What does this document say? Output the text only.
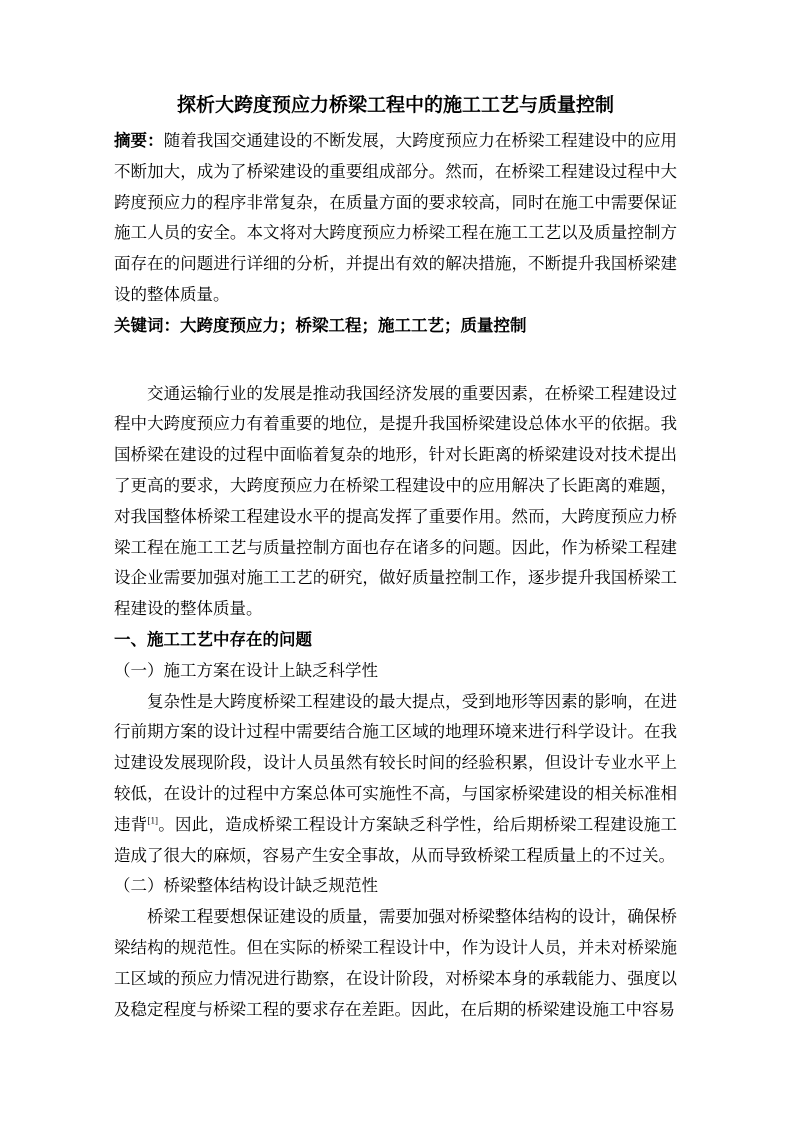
探析大跨度预应力桥梁工程中的施工工艺与质量控制

摘要：随着我国交通建设的不断发展，大跨度预应力在桥梁工程建设中的应用不断加大，成为了桥梁建设的重要组成部分。然而，在桥梁工程建设过程中大跨度预应力的程序非常复杂，在质量方面的要求较高，同时在施工中需要保证施工人员的安全。本文将对大跨度预应力桥梁工程在施工工艺以及质量控制方面存在的问题进行详细的分析，并提出有效的解决措施，不断提升我国桥梁建设的整体质量。

关键词：大跨度预应力；桥梁工程；施工工艺；质量控制

交通运输行业的发展是推动我国经济发展的重要因素，在桥梁工程建设过程中大跨度预应力有着重要的地位，是提升我国桥梁建设总体水平的依据。我国桥梁在建设的过程中面临着复杂的地形，针对长距离的桥梁建设对技术提出了更高的要求，大跨度预应力在桥梁工程建设中的应用解决了长距离的难题，对我国整体桥梁工程建设水平的提高发挥了重要作用。然而，大跨度预应力桥梁工程在施工工艺与质量控制方面也存在诸多的问题。因此，作为桥梁工程建设企业需要加强对施工工艺的研究，做好质量控制工作，逐步提升我国桥梁工程建设的整体质量。

一、施工工艺中存在的问题
（一）施工方案在设计上缺乏科学性

复杂性是大跨度桥梁工程建设的最大提点，受到地形等因素的影响，在进行前期方案的设计过程中需要结合施工区域的地理环境来进行科学设计。在我过建设发展现阶段，设计人员虽然有较长时间的经验积累，但设计专业水平上较低，在设计的过程中方案总体可实施性不高，与国家桥梁建设的相关标准相违背[1]。因此，造成桥梁工程设计方案缺乏科学性，给后期桥梁工程建设施工造成了很大的麻烦，容易产生安全事故，从而导致桥梁工程质量上的不过关。

（二）桥梁整体结构设计缺乏规范性

桥梁工程要想保证建设的质量，需要加强对桥梁整体结构的设计，确保桥梁结构的规范性。但在实际的桥梁工程设计中，作为设计人员，并未对桥梁施工区域的预应力情况进行勘察，在设计阶段，对桥梁本身的承载能力、强度以及稳定程度与桥梁工程的要求存在差距。因此，在后期的桥梁建设施工中容易
